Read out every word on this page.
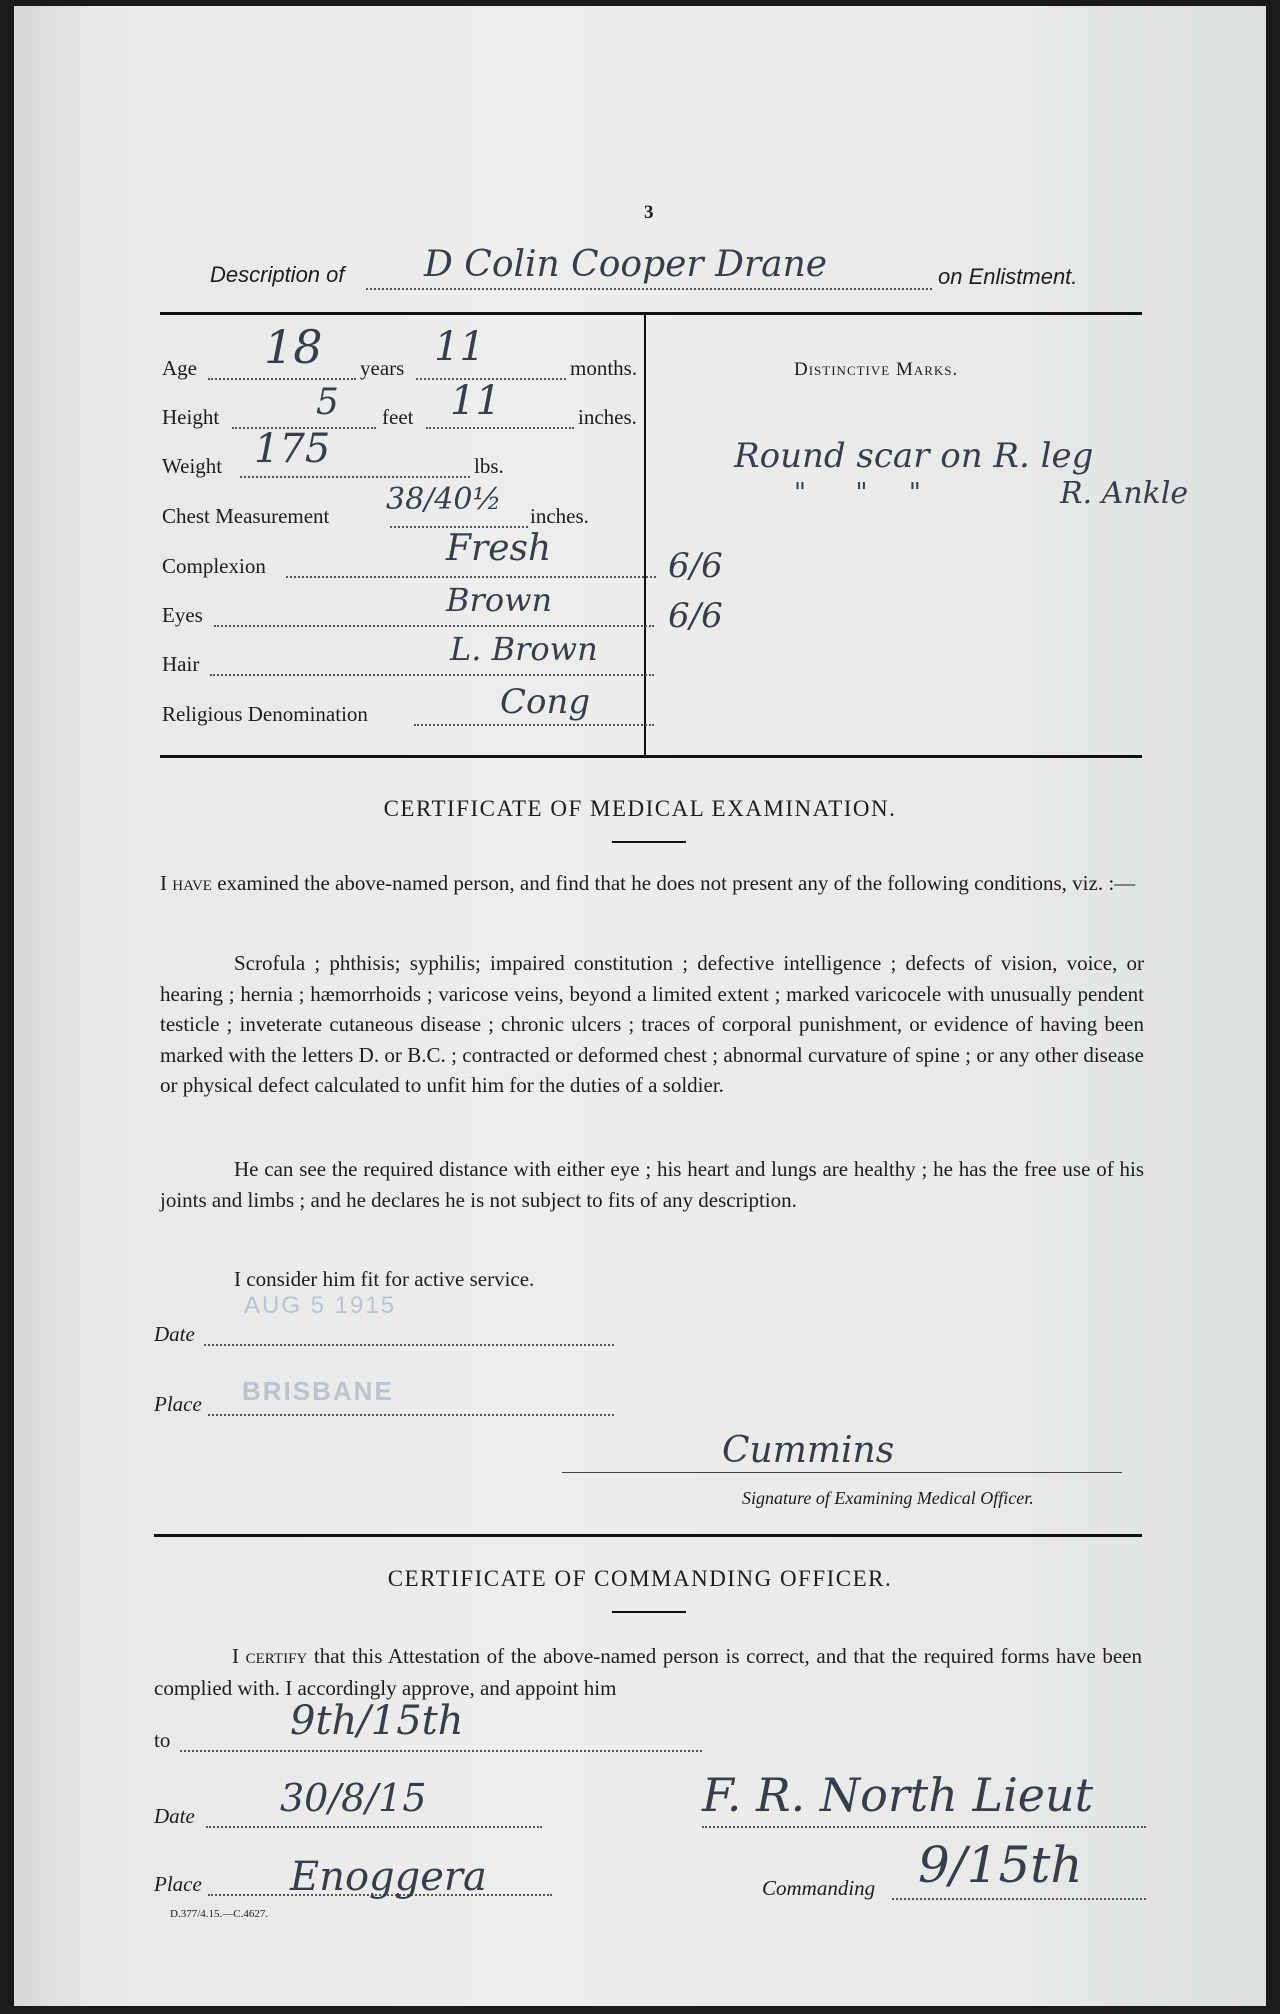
3
Description of D Colin Cooper Drane	on Enlistment.
Age 18 years 11	months.
Height	5 feet 11	inches.
Weight 175	lbs.
Chest Measurement 38/40½ inches.
Complexion	Fresh
Eyes	Brown
Hair	L. Brown
Religious Denomination	Cong
Distinctive Marks.
Round scar on R. leg
"      "     "	R. Ankle
6/6
6/6
CERTIFICATE OF MEDICAL EXAMINATION.
I have examined the above-named person, and find that he does not present any of the following conditions, viz. :—
Scrofula ; phthisis; syphilis; impaired constitution ; defective intelligence ; defects of vision, voice, or hearing ; hernia ; hæmorrhoids ; varicose veins, beyond a limited extent ; marked varicocele with unusually pendent testicle ; inveterate cutaneous disease ; chronic ulcers ; traces of corporal punishment, or evidence of having been marked with the letters D. or B.C. ; contracted or deformed chest ; abnormal curvature of spine ; or any other disease or physical defect calculated to unfit him for the duties of a soldier.
He can see the required distance with either eye ; his heart and lungs are healthy ; he has the free use of his joints and limbs ; and he declares he is not subject to fits of any description.
I consider him fit for active service.
Date
AUG 5 1915
Place BRISBANE
Cummins
Signature of Examining Medical Officer.
CERTIFICATE OF COMMANDING OFFICER.
I certify that this Attestation of the above-named person is correct, and that the required forms have been complied with. I accordingly approve, and appoint him
to	9th/15th
Date 30/8/15	F. R. North Lieut
Place Enoggera	Commanding 9/15th
D.377/4.15.—C.4627.
